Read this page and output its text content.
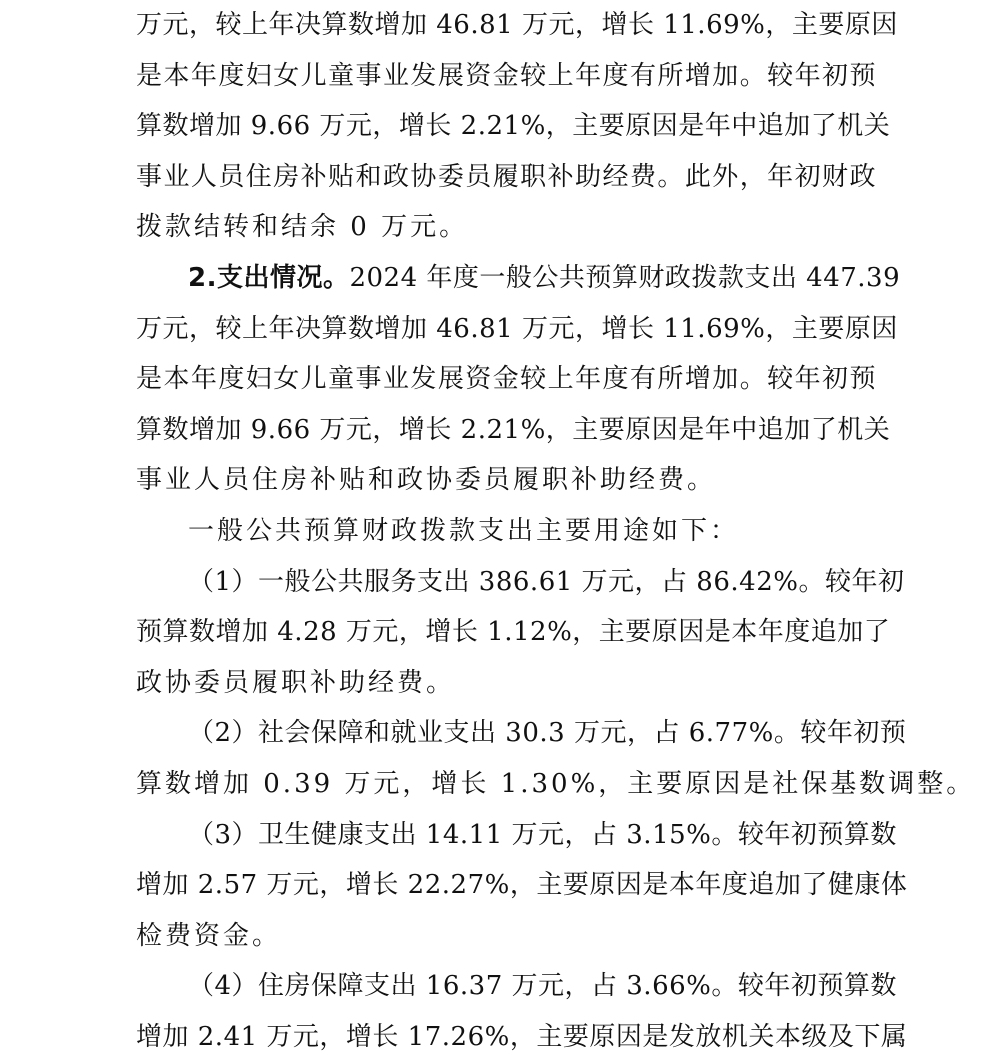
万元，较上年决算数增加 46.81 万元，增长 11.69%，主要原因
是本年度妇女儿童事业发展资金较上年度有所增加。较年初预
算数增加 9.66 万元，增长 2.21%，主要原因是年中追加了机关
事业人员住房补贴和政协委员履职补助经费。此外，年初财政
拨款结转和结余 0 万元。
2.支出情况。2024 年度一般公共预算财政拨款支出 447.39
万元，较上年决算数增加 46.81 万元，增长 11.69%，主要原因
是本年度妇女儿童事业发展资金较上年度有所增加。较年初预
算数增加 9.66 万元，增长 2.21%，主要原因是年中追加了机关
事业人员住房补贴和政协委员履职补助经费。
一般公共预算财政拨款支出主要用途如下：
（1）一般公共服务支出 386.61 万元，占 86.42%。较年初
预算数增加 4.28 万元，增长 1.12%，主要原因是本年度追加了
政协委员履职补助经费。
（2）社会保障和就业支出 30.3 万元，占 6.77%。较年初预
算数增加 0.39 万元，增长 1.30%，主要原因是社保基数调整。
（3）卫生健康支出 14.11 万元，占 3.15%。较年初预算数
增加 2.57 万元，增长 22.27%，主要原因是本年度追加了健康体
检费资金。
（4）住房保障支出 16.37 万元，占 3.66%。较年初预算数
增加 2.41 万元，增长 17.26%，主要原因是发放机关本级及下属
